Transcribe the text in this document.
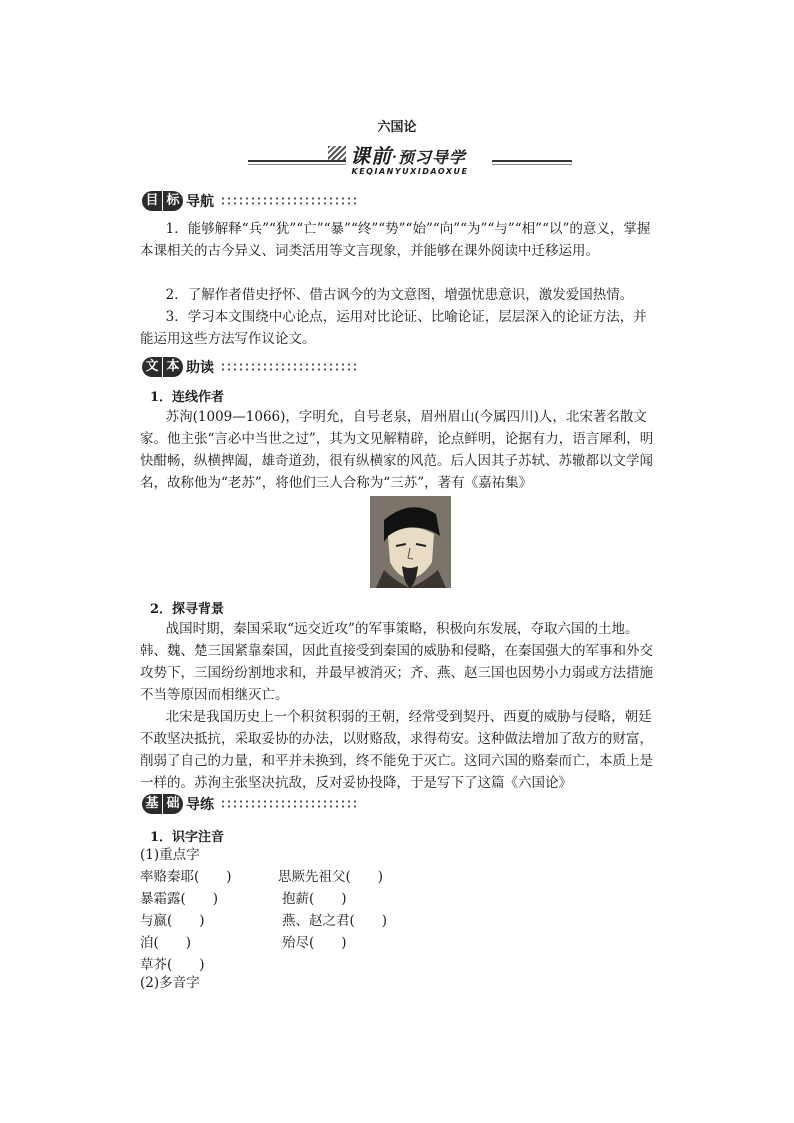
六国论
课前·预习导学
KEQIANYUXIDAOXUE
目 标 导航

1．能够解释“兵”“犹”“亡”“暴”“终”“势”“始”“向”“为”“与”“相”“以”的意义，掌握本课相关的古今异义、词类活用等文言现象，并能够在课外阅读中迁移运用。

2．了解作者借史抒怀、借古讽今的为文意图，增强忧患意识，激发爱国热情。

3．学习本文围绕中心论点，运用对比论证、比喻论证，层层深入的论证方法，并能运用这些方法写作议论文。

文 本 助读
1．连线作者

苏洵(1009—1066)，字明允，自号老泉，眉州眉山(今属四川)人，北宋著名散文家。他主张“言必中当世之过”，其为文见解精辟，论点鲜明，论据有力，语言犀利，明快酣畅，纵横捭阖，雄奇道劲，很有纵横家的风范。后人因其子苏轼、苏辙都以文学闻名，故称他为“老苏”，将他们三人合称为“三苏”，著有《嘉祐集》

2．探寻背景

战国时期，秦国采取“远交近攻”的军事策略，积极向东发展，夺取六国的土地。韩、魏、楚三国紧靠秦国，因此直接受到秦国的威胁和侵略，在秦国强大的军事和外交攻势下，三国纷纷割地求和，并最早被消灭；齐、燕、赵三国也因势小力弱或方法措施不当等原因而相继灭亡。

北宋是我国历史上一个积贫积弱的王朝，经常受到契丹、西夏的威胁与侵略，朝廷不敢坚决抵抗，采取妥协的办法，以财赂敌，求得苟安。这种做法增加了敌方的财富，削弱了自己的力量，和平并未换到，终不能免于灭亡。这同六国的赂秦而亡，本质上是一样的。苏洵主张坚决抗敌，反对妥协投降，于是写下了这篇《六国论》

基 础 导练
1．识字注音
(1)重点字
率赂秦耶(　　)	思厥先祖父(　　)
暴霜露(　　)	抱薪(　　)
与嬴(　　)	燕、赵之君(　　)
洎(　　)	殆尽(　　)
草芥(　　)
(2)多音字
